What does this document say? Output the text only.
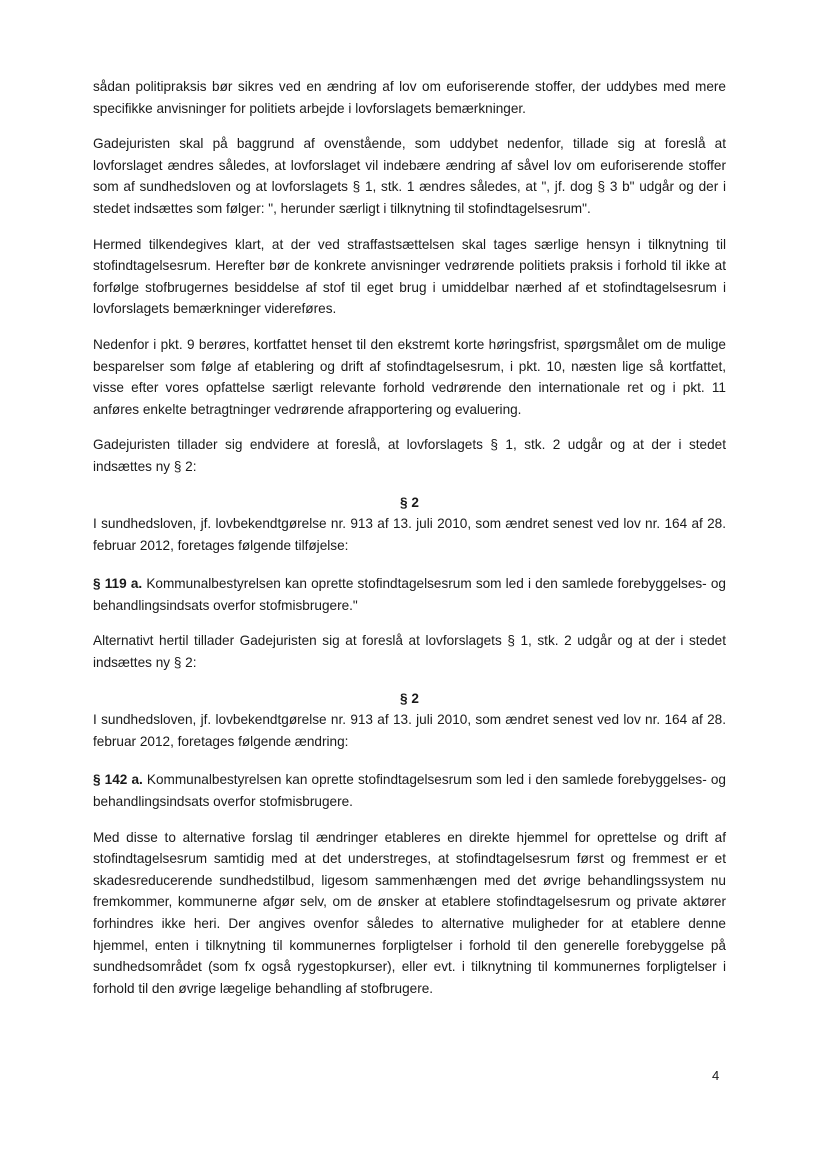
sådan politipraksis bør sikres ved en ændring af lov om euforiserende stoffer, der uddybes med mere specifikke anvisninger for politiets arbejde i lovforslagets bemærkninger.

Gadejuristen skal på baggrund af ovenstående, som uddybet nedenfor, tillade sig at foreslå at lovforslaget ændres således, at lovforslaget vil indebære ændring af såvel lov om euforiserende stoffer som af sundhedsloven og at lovforslagets § 1, stk. 1 ændres således, at ", jf. dog § 3 b" udgår og der i stedet indsættes som følger: ", herunder særligt i tilknytning til stofindtagelsesrum".

Hermed tilkendegives klart, at der ved straffastsættelsen skal tages særlige hensyn i tilknytning til stofindtagelsesrum. Herefter bør de konkrete anvisninger vedrørende politiets praksis i forhold til ikke at forfølge stofbrugernes besiddelse af stof til eget brug i umiddelbar nærhed af et stofindtagelsesrum i lovforslagets bemærkninger videreføres.

Nedenfor i pkt. 9 berøres, kortfattet henset til den ekstremt korte høringsfrist, spørgsmålet om de mulige besparelser som følge af etablering og drift af stofindtagelsesrum, i pkt. 10, næsten lige så kortfattet, visse efter vores opfattelse særligt relevante forhold vedrørende den internationale ret og i pkt. 11 anføres enkelte betragtninger vedrørende afrapportering og evaluering.

Gadejuristen tillader sig endvidere at foreslå, at lovforslagets § 1, stk. 2 udgår og at der i stedet indsættes ny § 2:

§ 2

I sundhedsloven, jf. lovbekendtgørelse nr. 913 af 13. juli 2010, som ændret senest ved lov nr. 164 af 28. februar 2012, foretages følgende tilføjelse:

§ 119 a. Kommunalbestyrelsen kan oprette stofindtagelsesrum som led i den samlede forebyggelses- og behandlingsindsats overfor stofmisbrugere."

Alternativt hertil tillader Gadejuristen sig at foreslå at lovforslagets § 1, stk. 2 udgår og at der i stedet indsættes ny § 2:

§ 2

I sundhedsloven, jf. lovbekendtgørelse nr. 913 af 13. juli 2010, som ændret senest ved lov nr. 164 af 28. februar 2012, foretages følgende ændring:

§ 142 a. Kommunalbestyrelsen kan oprette stofindtagelsesrum som led i den samlede forebyggelses- og behandlingsindsats overfor stofmisbrugere.

Med disse to alternative forslag til ændringer etableres en direkte hjemmel for oprettelse og drift af stofindtagelsesrum samtidig med at det understreges, at stofindtagelsesrum først og fremmest er et skadesreducerende sundhedstilbud, ligesom sammenhængen med det øvrige behandlingssystem nu fremkommer, kommunerne afgør selv, om de ønsker at etablere stofindtagelsesrum og private aktører forhindres ikke heri. Der angives ovenfor således to alternative muligheder for at etablere denne hjemmel, enten i tilknytning til kommunernes forpligtelser i forhold til den generelle forebyggelse på sundhedsområdet (som fx også rygestopkurser), eller evt. i tilknytning til kommunernes forpligtelser i forhold til den øvrige lægelige behandling af stofbrugere.

4
